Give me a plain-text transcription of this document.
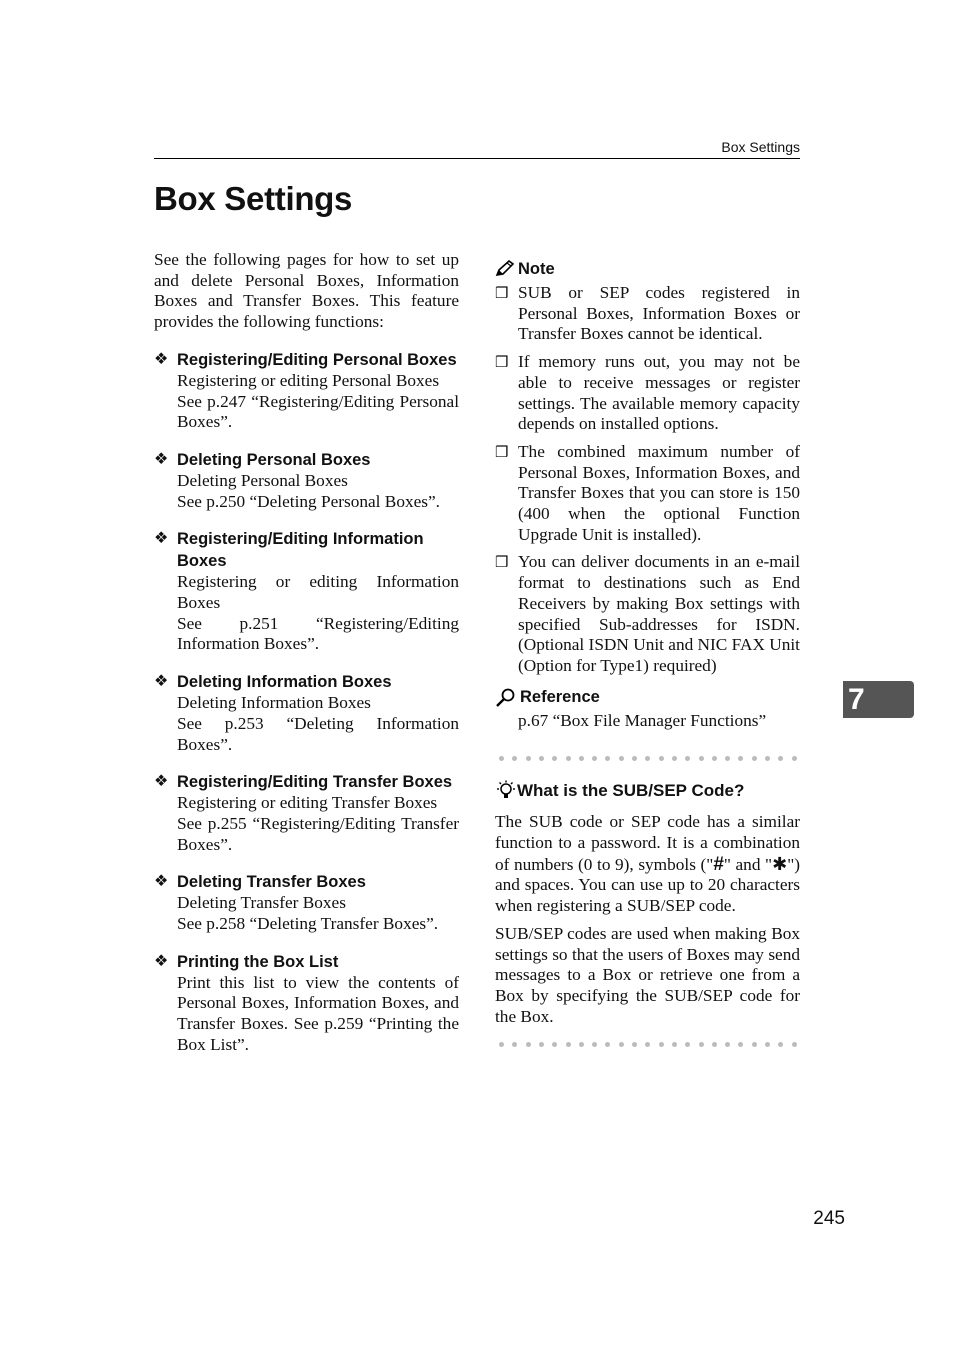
Box Settings
Box Settings

See the following pages for how to set up and delete Personal Boxes, Information Boxes and Transfer Boxes. This feature provides the following functions:

❖ Registering/Editing Personal Boxes

Registering or editing Personal Boxes

See p.247 “Registering/Editing Personal Boxes”.

❖ Deleting Personal Boxes

Deleting Personal Boxes

See p.250 “Deleting Personal Boxes”.

❖ Registering/Editing Information Boxes

Registering or editing Information Boxes

See p.251 “Registering/Editing Information Boxes”.

❖ Deleting Information Boxes

Deleting Information Boxes

See p.253 “Deleting Information Boxes”.

❖ Registering/Editing Transfer Boxes

Registering or editing Transfer Boxes

See p.255 “Registering/Editing Transfer Boxes”.

❖ Deleting Transfer Boxes

Deleting Transfer Boxes

See p.258 “Deleting Transfer Boxes”.

❖ Printing the Box List

Print this list to view the contents of Personal Boxes, Information Boxes, and Transfer Boxes. See p.259 “Printing the Box List”.

Note
❒ SUB or SEP codes registered in Personal Boxes, Information Boxes or Transfer Boxes cannot be identical.
❒ If memory runs out, you may not be able to receive messages or register settings. The available memory capacity depends on installed options.
❒ The combined maximum number of Personal Boxes, Information Boxes, and Transfer Boxes that you can store is 150 (400 when the optional Function Upgrade Unit is installed).
❒ You can deliver documents in an e-mail format to destinations such as End Receivers by making Box settings with specified Sub-addresses for ISDN. (Optional ISDN Unit and NIC FAX Unit (Option for Type1) required)
Reference
p.67 “Box File Manager Functions”
What is the SUB/SEP Code?

The SUB code or SEP code has a similar function to a password. It is a combination of numbers (0 to 9), symbols ("#" and "✱") and spaces. You can use up to 20 characters when registering a SUB/SEP code.

SUB/SEP codes are used when making Box settings so that the users of Boxes may send messages to a Box or retrieve one from a Box by specifying the SUB/SEP code for the Box.

7
245
